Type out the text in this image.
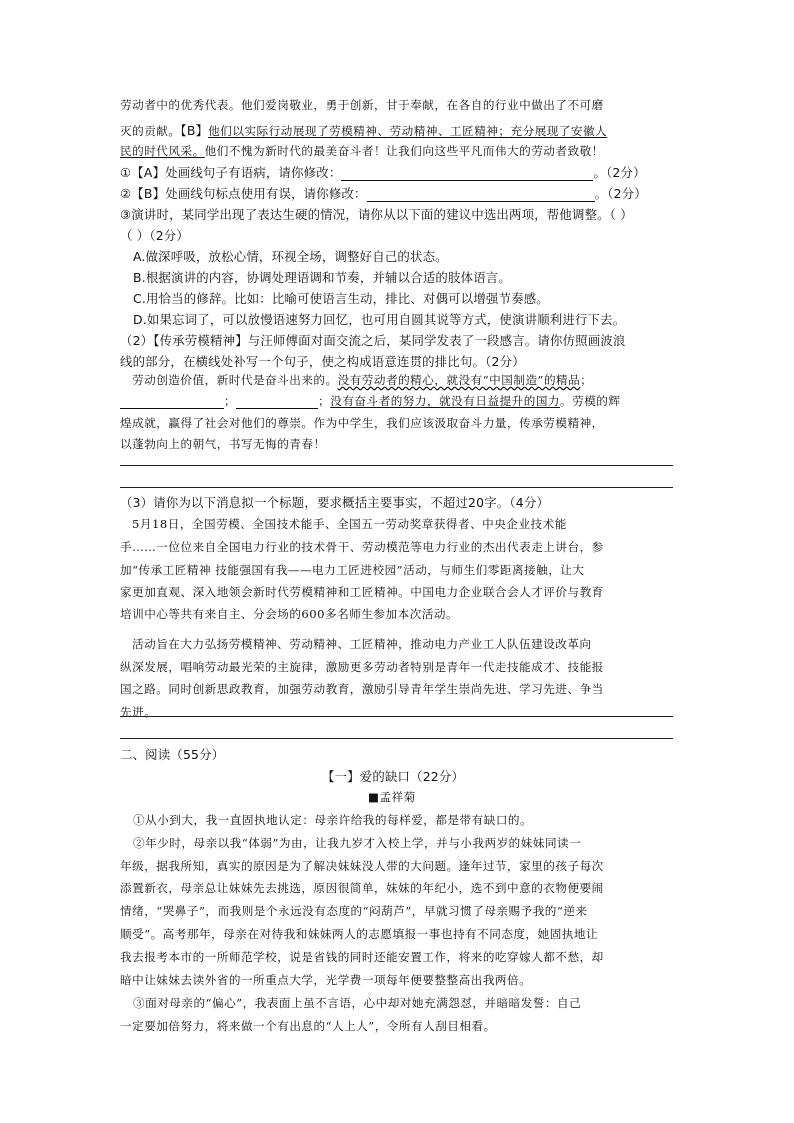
劳动者中的优秀代表。他们爱岗敬业，勇于创新，甘于奉献，在各自的行业中做出了不可磨
灭的贡献。【B】他们以实际行动展现了劳模精神、劳动精神、工匠精神；充分展现了安徽人
民的时代风采。他们不愧为新时代的最美奋斗者！让我们向这些平凡而伟大的劳动者致敬！
①【A】处画线句子有语病，请你修改：	。（2分）
②【B】处画线句标点使用有误，请你修改：	。（2分）
③演讲时，某同学出现了表达生硬的情况，请你从以下面的建议中选出两项，帮他调整。（ ）
（ ）（2分）
A.做深呼吸，放松心情，环视全场，调整好自己的状态。
B.根据演讲的内容，协调处理语调和节奏，并辅以合适的肢体语言。
C.用恰当的修辞。比如：比喻可使语言生动，排比、对偶可以增强节奏感。
D.如果忘词了，可以放慢语速努力回忆，也可用自圆其说等方式，使演讲顺利进行下去。
（2）【传承劳模精神】与汪师傅面对面交流之后，某同学发表了一段感言。请你仿照画波浪
线的部分，在横线处补写一个句子，使之构成语意连贯的排比句。（2分）
劳动创造价值，新时代是奋斗出来的。没有劳动者的精心，就没有“中国制造”的精品；
；	；没有奋斗者的努力，就没有日益提升的国力。劳模的辉
煌成就，赢得了社会对他们的尊崇。作为中学生，我们应该汲取奋斗力量，传承劳模精神，
以蓬勃向上的朝气，书写无悔的青春！
（3）请你为以下消息拟一个标题，要求概括主要事实，不超过20字。（4分）
5月18日，全国劳模、全国技术能手、全国五一劳动奖章获得者、中央企业技术能
手……一位位来自全国电力行业的技术骨干、劳动模范等电力行业的杰出代表走上讲台，参
加“传承工匠精神 技能强国有我——电力工匠进校园”活动，与师生们零距离接触，让大
家更加直观、深入地领会新时代劳模精神和工匠精神。中国电力企业联合会人才评价与教育
培训中心等共有来自主、分会场的600多名师生参加本次活动。
活动旨在大力弘扬劳模精神、劳动精神、工匠精神，推动电力产业工人队伍建设改革向
纵深发展，唱响劳动最光荣的主旋律，激励更多劳动者特别是青年一代走技能成才、技能报
国之路。同时创新思政教育，加强劳动教育，激励引导青年学生崇尚先进、学习先进、争当
先进。
二、阅读（55分）
【一】爱的缺口（22分）
■孟祥菊
①从小到大，我一直固执地认定：母亲许给我的每样爱，都是带有缺口的。
②年少时，母亲以我“体弱”为由，让我九岁才入校上学，并与小我两岁的妹妹同读一
年级，据我所知，真实的原因是为了解决妹妹没人带的大问题。逢年过节，家里的孩子每次
添置新衣，母亲总让妹妹先去挑选，原因很简单，妹妹的年纪小，选不到中意的衣物便要闹
情绪，“哭鼻子”，而我则是个永远没有态度的“闷葫芦”，早就习惯了母亲赐予我的“逆来
顺受”。高考那年，母亲在对待我和妹妹两人的志愿填报一事也持有不同态度，她固执地让
我去报考本市的一所师范学校，说是省钱的同时还能安置工作，将来的吃穿嫁人都不愁，却
暗中让妹妹去读外省的一所重点大学，光学费一项每年便要整整高出我两倍。
③面对母亲的“偏心”，我表面上虽不言语，心中却对她充满怨怼，并暗暗发誓：自己
一定要加倍努力，将来做一个有出息的“人上人”，令所有人刮目相看。
